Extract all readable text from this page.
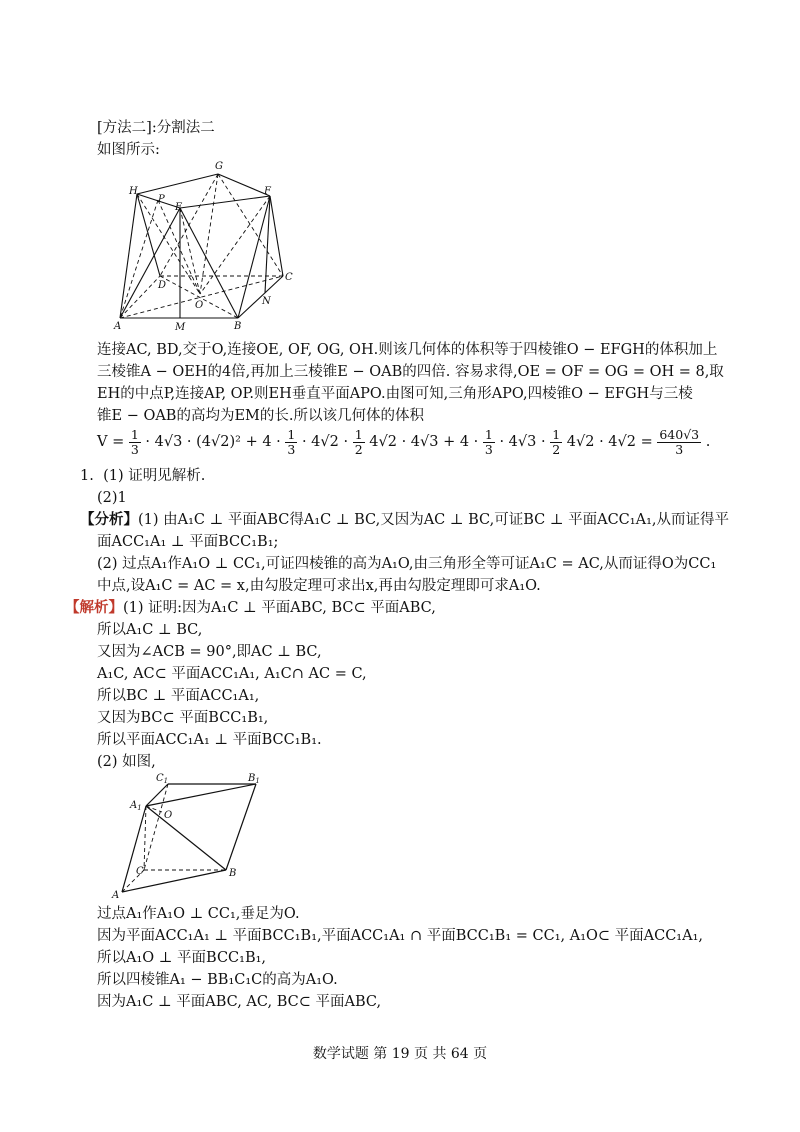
[方法二]:分割法二
如图所示:
G
H
P
E
F
D
O
C
N
A	M	B
连接AC, BD,交于O,连接OE, OF, OG, OH.则该几何体的体积等于四棱锥O − EFGH的体积加上
三棱锥A − OEH的4倍,再加上三棱锥E − OAB的四倍. 容易求得,OE = OF = OG = OH = 8,取
EH的中点P,连接AP, OP.则EH垂直平面APO.由图可知,三角形APO,四棱锥O − EFGH与三棱
锥E − OAB的高均为EM的长.所以该几何体的体积
$V = \frac{1}{3} \cdot 4√3 \cdot (4√2)^2 + 4 \cdot \frac{1}{3} \cdot 4√2 \cdot \frac{1}{2} 4√2 \cdot 4√3 + 4 \cdot \frac{1}{3} \cdot 4√3 \cdot \frac{1}{2} 4√2 \cdot 4√2 = \frac{640√3}{3}$ .
1. (1) 证明见解析.
(2)1
【分析】(1) 由A₁C ⊥ 平面ABC得A₁C ⊥ BC,又因为AC ⊥ BC,可证BC ⊥ 平面ACC₁A₁,从而证得平
面ACC₁A₁ ⊥ 平面BCC₁B₁;
(2) 过点A₁作A₁O ⊥ CC₁,可证四棱锥的高为A₁O,由三角形全等可证A₁C = AC,从而证得O为CC₁
中点,设A₁C = AC = x,由勾股定理可求出x,再由勾股定理即可求A₁O.
【解析】(1) 证明:因为A₁C ⊥ 平面ABC, BC⊂ 平面ABC,
所以A₁C ⊥ BC,
又因为∠ACB = 90°,即AC ⊥ BC,
A₁C, AC⊂ 平面ACC₁A₁, A₁C∩ AC = C,
所以BC ⊥ 平面ACC₁A₁,
又因为BC⊂ 平面BCC₁B₁,
所以平面ACC₁A₁ ⊥ 平面BCC₁B₁.
(2) 如图,
$C_1$	$B_1$
$A_1$
O
C	B
A
过点A₁作A₁O ⊥ CC₁,垂足为O.
因为平面ACC₁A₁ ⊥ 平面BCC₁B₁,平面ACC₁A₁ ∩ 平面BCC₁B₁ = CC₁, A₁O⊂ 平面ACC₁A₁,
所以A₁O ⊥ 平面BCC₁B₁,
所以四棱锥A₁ − BB₁C₁C的高为A₁O.
因为A₁C ⊥ 平面ABC, AC, BC⊂ 平面ABC,
数学试题 第 19 页 共 64 页
